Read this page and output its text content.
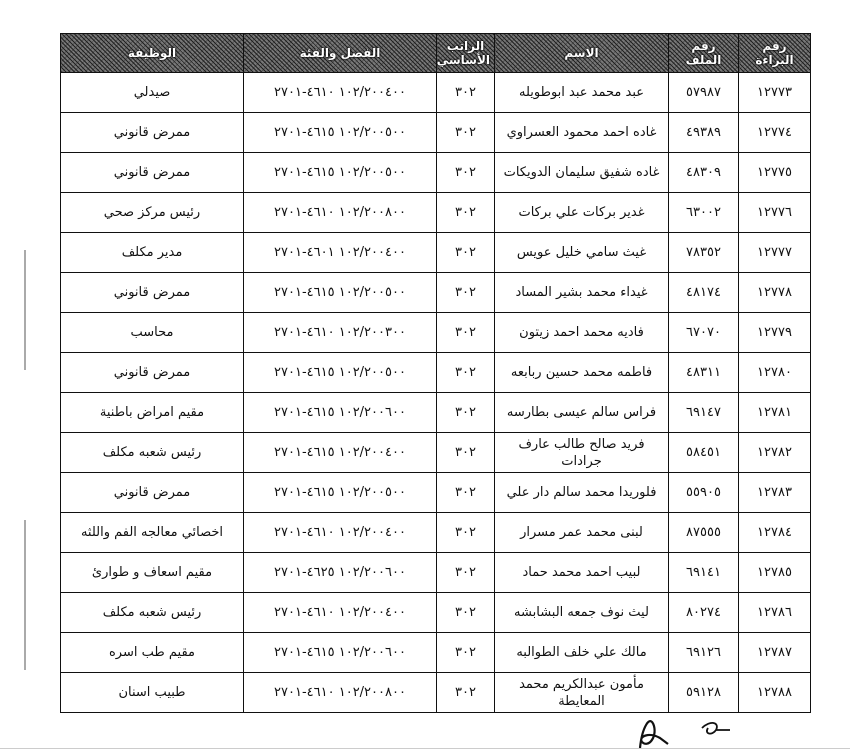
رقم البراءة	رقم الملف	الاسم	الراتب الأساسي	الفصل والفئة	الوظيفة
١٢٧٧٣	٥٧٩٨٧	عبد محمد عبد ابوطويله	٣٠٢	١٠٢/٢٠٠٤٠٠ ٤٦١٠-٢٧٠١	صيدلي
١٢٧٧٤	٤٩٣٨٩	غاده احمد محمود العسراوي	٣٠٢	١٠٢/٢٠٠٥٠٠ ٤٦١٥-٢٧٠١	ممرض قانوني
١٢٧٧٥	٤٨٣٠٩	غاده شفيق سليمان الدويكات	٣٠٢	١٠٢/٢٠٠٥٠٠ ٤٦١٥-٢٧٠١	ممرض قانوني
١٢٧٧٦	٦٣٠٠٢	غدير بركات علي بركات	٣٠٢	١٠٢/٢٠٠٨٠٠ ٤٦١٠-٢٧٠١	رئيس مركز صحي
١٢٧٧٧	٧٨٣٥٢	غيث سامي خليل عويس	٣٠٢	١٠٢/٢٠٠٤٠٠ ٤٦٠١-٢٧٠١	مدير مكلف
١٢٧٧٨	٤٨١٧٤	غيداء محمد بشير المساد	٣٠٢	١٠٢/٢٠٠٥٠٠ ٤٦١٥-٢٧٠١	ممرض قانوني
١٢٧٧٩	٦٧٠٧٠	فاديه محمد احمد زيتون	٣٠٢	١٠٢/٢٠٠٣٠٠ ٤٦١٠-٢٧٠١	محاسب
١٢٧٨٠	٤٨٣١١	فاطمه محمد حسين ربابعه	٣٠٢	١٠٢/٢٠٠٥٠٠ ٤٦١٥-٢٧٠١	ممرض قانوني
١٢٧٨١	٦٩١٤٧	فراس سالم عيسى بطارسه	٣٠٢	١٠٢/٢٠٠٦٠٠ ٤٦١٥-٢٧٠١	مقيم امراض باطنية
١٢٧٨٢	٥٨٤٥١	فريد صالح طالب عارف جرادات	٣٠٢	١٠٢/٢٠٠٤٠٠ ٤٦١٥-٢٧٠١	رئيس شعبه مكلف
١٢٧٨٣	٥٥٩٠٥	فلوريدا محمد سالم دار علي	٣٠٢	١٠٢/٢٠٠٥٠٠ ٤٦١٥-٢٧٠١	ممرض قانوني
١٢٧٨٤	٨٧٥٥٥	لبنى محمد عمر مسرار	٣٠٢	١٠٢/٢٠٠٤٠٠ ٤٦١٠-٢٧٠١	اخصائي معالجه الفم واللثه
١٢٧٨٥	٦٩١٤١	لبيب احمد محمد حماد	٣٠٢	١٠٢/٢٠٠٦٠٠ ٤٦٢٥-٢٧٠١	مقيم اسعاف و طوارئ
١٢٧٨٦	٨٠٢٧٤	ليث نوف جمعه البشابشه	٣٠٢	١٠٢/٢٠٠٤٠٠ ٤٦١٠-٢٧٠١	رئيس شعبه مكلف
١٢٧٨٧	٦٩١٢٦	مالك علي خلف الطوالبه	٣٠٢	١٠٢/٢٠٠٦٠٠ ٤٦١٥-٢٧٠١	مقيم طب اسره
١٢٧٨٨	٥٩١٢٨	مأمون عبدالكريم محمد المعايطة	٣٠٢	١٠٢/٢٠٠٨٠٠ ٤٦١٠-٢٧٠١	طبيب اسنان
